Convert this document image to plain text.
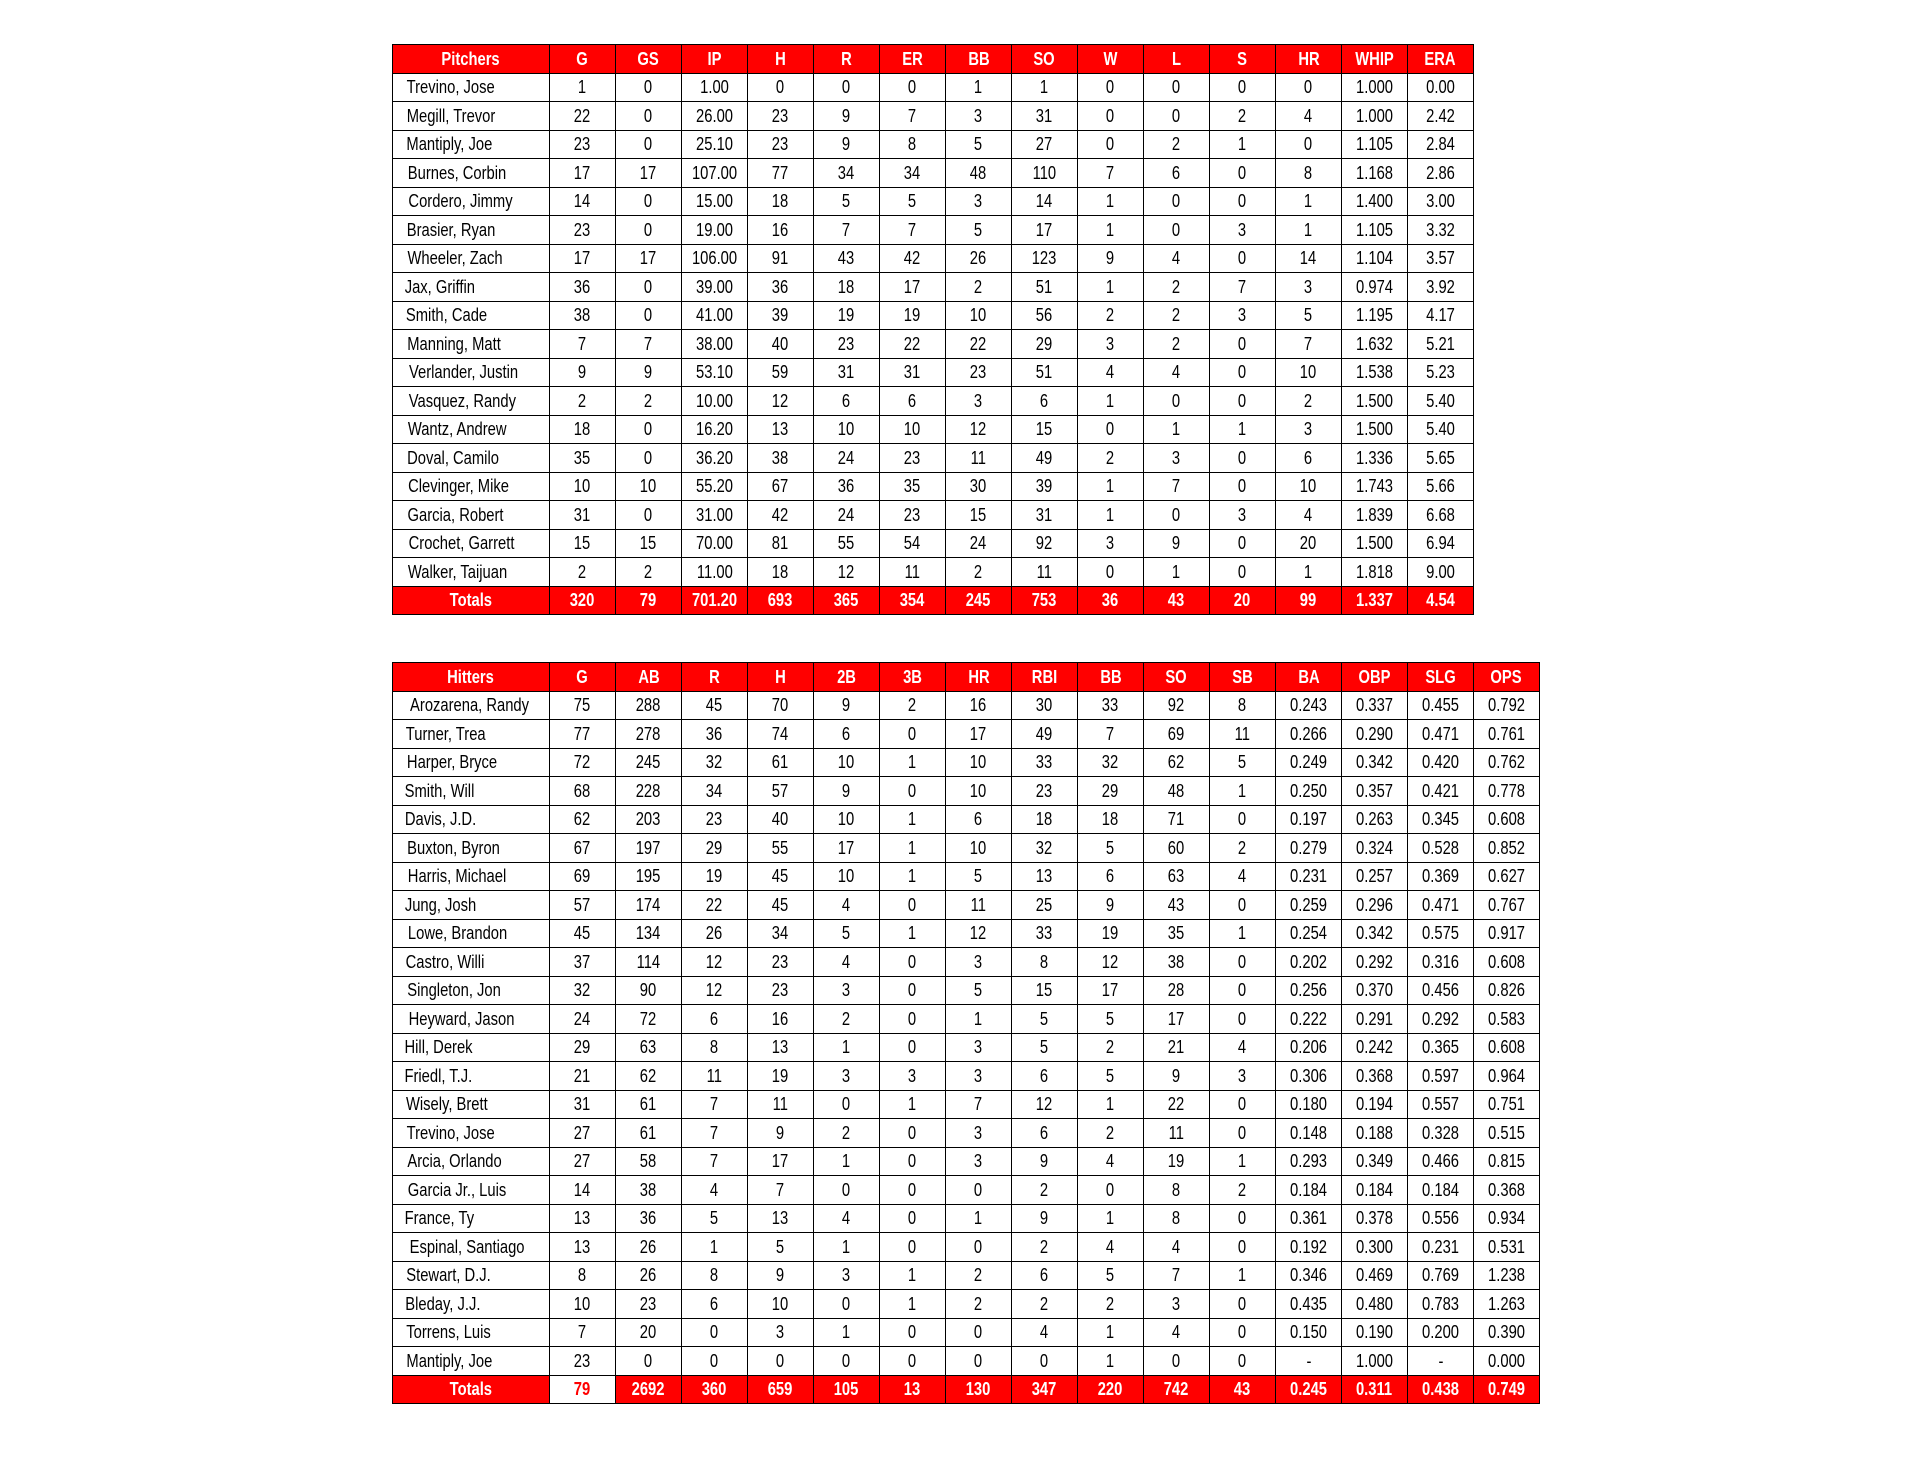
Pitchers	G	GS	IP	H	R	ER	BB	SO	W	L	S	HR	WHIP	ERA
Trevino, Jose	1	0	1.00	0	0	0	1	1	0	0	0	0	1.000	0.00
Megill, Trevor	22	0	26.00	23	9	7	3	31	0	0	2	4	1.000	2.42
Mantiply, Joe	23	0	25.10	23	9	8	5	27	0	2	1	0	1.105	2.84
Burnes, Corbin	17	17	107.00	77	34	34	48	110	7	6	0	8	1.168	2.86
Cordero, Jimmy	14	0	15.00	18	5	5	3	14	1	0	0	1	1.400	3.00
Brasier, Ryan	23	0	19.00	16	7	7	5	17	1	0	3	1	1.105	3.32
Wheeler, Zach	17	17	106.00	91	43	42	26	123	9	4	0	14	1.104	3.57
Jax, Griffin	36	0	39.00	36	18	17	2	51	1	2	7	3	0.974	3.92
Smith, Cade	38	0	41.00	39	19	19	10	56	2	2	3	5	1.195	4.17
Manning, Matt	7	7	38.00	40	23	22	22	29	3	2	0	7	1.632	5.21
Verlander, Justin	9	9	53.10	59	31	31	23	51	4	4	0	10	1.538	5.23
Vasquez, Randy	2	2	10.00	12	6	6	3	6	1	0	0	2	1.500	5.40
Wantz, Andrew	18	0	16.20	13	10	10	12	15	0	1	1	3	1.500	5.40
Doval, Camilo	35	0	36.20	38	24	23	11	49	2	3	0	6	1.336	5.65
Clevinger, Mike	10	10	55.20	67	36	35	30	39	1	7	0	10	1.743	5.66
Garcia, Robert	31	0	31.00	42	24	23	15	31	1	0	3	4	1.839	6.68
Crochet, Garrett	15	15	70.00	81	55	54	24	92	3	9	0	20	1.500	6.94
Walker, Taijuan	2	2	11.00	18	12	11	2	11	0	1	0	1	1.818	9.00
Totals	320	79	701.20	693	365	354	245	753	36	43	20	99	1.337	4.54
Hitters	G	AB	R	H	2B	3B	HR	RBI	BB	SO	SB	BA	OBP	SLG	OPS
Arozarena, Randy	75	288	45	70	9	2	16	30	33	92	8	0.243	0.337	0.455	0.792
Turner, Trea	77	278	36	74	6	0	17	49	7	69	11	0.266	0.290	0.471	0.761
Harper, Bryce	72	245	32	61	10	1	10	33	32	62	5	0.249	0.342	0.420	0.762
Smith, Will	68	228	34	57	9	0	10	23	29	48	1	0.250	0.357	0.421	0.778
Davis, J.D.	62	203	23	40	10	1	6	18	18	71	0	0.197	0.263	0.345	0.608
Buxton, Byron	67	197	29	55	17	1	10	32	5	60	2	0.279	0.324	0.528	0.852
Harris, Michael	69	195	19	45	10	1	5	13	6	63	4	0.231	0.257	0.369	0.627
Jung, Josh	57	174	22	45	4	0	11	25	9	43	0	0.259	0.296	0.471	0.767
Lowe, Brandon	45	134	26	34	5	1	12	33	19	35	1	0.254	0.342	0.575	0.917
Castro, Willi	37	114	12	23	4	0	3	8	12	38	0	0.202	0.292	0.316	0.608
Singleton, Jon	32	90	12	23	3	0	5	15	17	28	0	0.256	0.370	0.456	0.826
Heyward, Jason	24	72	6	16	2	0	1	5	5	17	0	0.222	0.291	0.292	0.583
Hill, Derek	29	63	8	13	1	0	3	5	2	21	4	0.206	0.242	0.365	0.608
Friedl, T.J.	21	62	11	19	3	3	3	6	5	9	3	0.306	0.368	0.597	0.964
Wisely, Brett	31	61	7	11	0	1	7	12	1	22	0	0.180	0.194	0.557	0.751
Trevino, Jose	27	61	7	9	2	0	3	6	2	11	0	0.148	0.188	0.328	0.515
Arcia, Orlando	27	58	7	17	1	0	3	9	4	19	1	0.293	0.349	0.466	0.815
Garcia Jr., Luis	14	38	4	7	0	0	0	2	0	8	2	0.184	0.184	0.184	0.368
France, Ty	13	36	5	13	4	0	1	9	1	8	0	0.361	0.378	0.556	0.934
Espinal, Santiago	13	26	1	5	1	0	0	2	4	4	0	0.192	0.300	0.231	0.531
Stewart, D.J.	8	26	8	9	3	1	2	6	5	7	1	0.346	0.469	0.769	1.238
Bleday, J.J.	10	23	6	10	0	1	2	2	2	3	0	0.435	0.480	0.783	1.263
Torrens, Luis	7	20	0	3	1	0	0	4	1	4	0	0.150	0.190	0.200	0.390
Mantiply, Joe	23	0	0	0	0	0	0	0	1	0	0	-	1.000	-	0.000
Totals	79	2692	360	659	105	13	130	347	220	742	43	0.245	0.311	0.438	0.749
